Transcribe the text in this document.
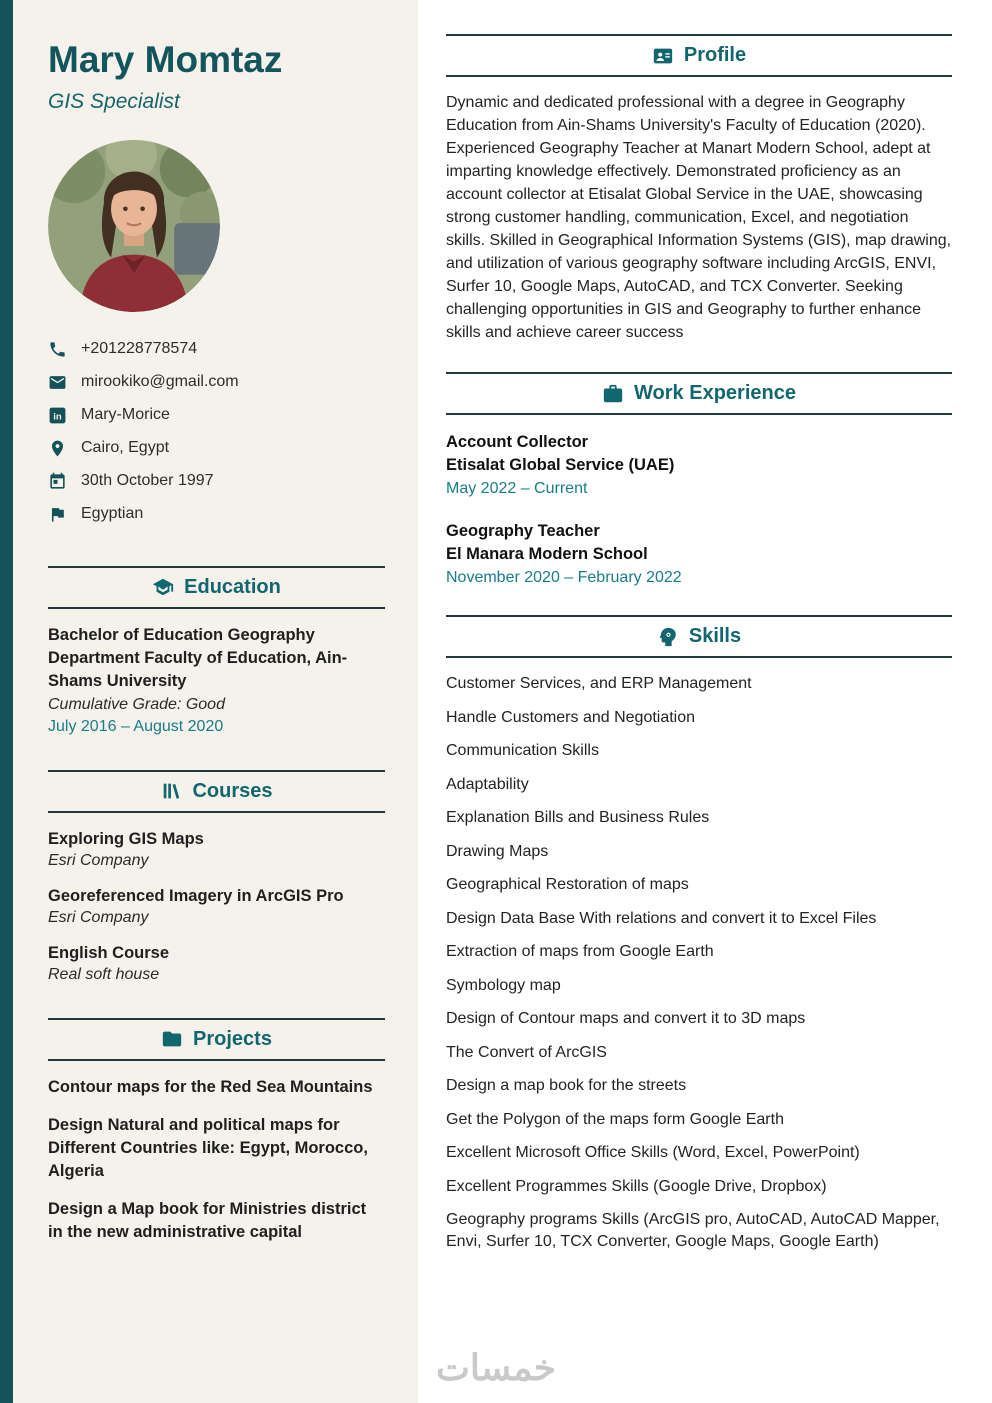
Mary Momtaz
GIS Specialist
+201228778574
mirookiko@gmail.com
in Mary-Morice
Cairo, Egypt
30th October 1997
Egyptian
Education
Bachelor of Education Geography Department Faculty of Education, Ain-Shams University
Cumulative Grade: Good
July 2016 – August 2020
Courses
Exploring GIS Maps
Esri Company
Georeferenced Imagery in ArcGIS Pro
Esri Company
English Course
Real soft house
Projects
Contour maps for the Red Sea Mountains
Design Natural and political maps for Different Countries like: Egypt, Morocco, Algeria
Design a Map book for Ministries district in the new administrative capital
Profile

Dynamic and dedicated professional with a degree in Geography Education from Ain-Shams University's Faculty of Education (2020). Experienced Geography Teacher at Manart Modern School, adept at imparting knowledge effectively. Demonstrated proficiency as an account collector at Etisalat Global Service in the UAE, showcasing strong customer handling, communication, Excel, and negotiation skills. Skilled in Geographical Information Systems (GIS), map drawing, and utilization of various geography software including ArcGIS, ENVI, Surfer 10, Google Maps, AutoCAD, and TCX Converter. Seeking challenging opportunities in GIS and Geography to further enhance skills and achieve career success

Work Experience
Account Collector
Etisalat Global Service (UAE)
May 2022 – Current
Geography Teacher
El Manara Modern School
November 2020 – February 2022
Skills
Customer Services, and ERP Management
Handle Customers and Negotiation
Communication Skills
Adaptability
Explanation Bills and Business Rules
Drawing Maps
Geographical Restoration of maps
Design Data Base With relations and convert it to Excel Files
Extraction of maps from Google Earth
Symbology map
Design of Contour maps and convert it to 3D maps
The Convert of ArcGIS
Design a map book for the streets
Get the Polygon of the maps form Google Earth
Excellent Microsoft Office Skills (Word, Excel, PowerPoint)
Excellent Programmes Skills (Google Drive, Dropbox)
Geography programs Skills (ArcGIS pro, AutoCAD, AutoCAD Mapper, Envi, Surfer 10, TCX Converter, Google Maps, Google Earth)
خمسات
